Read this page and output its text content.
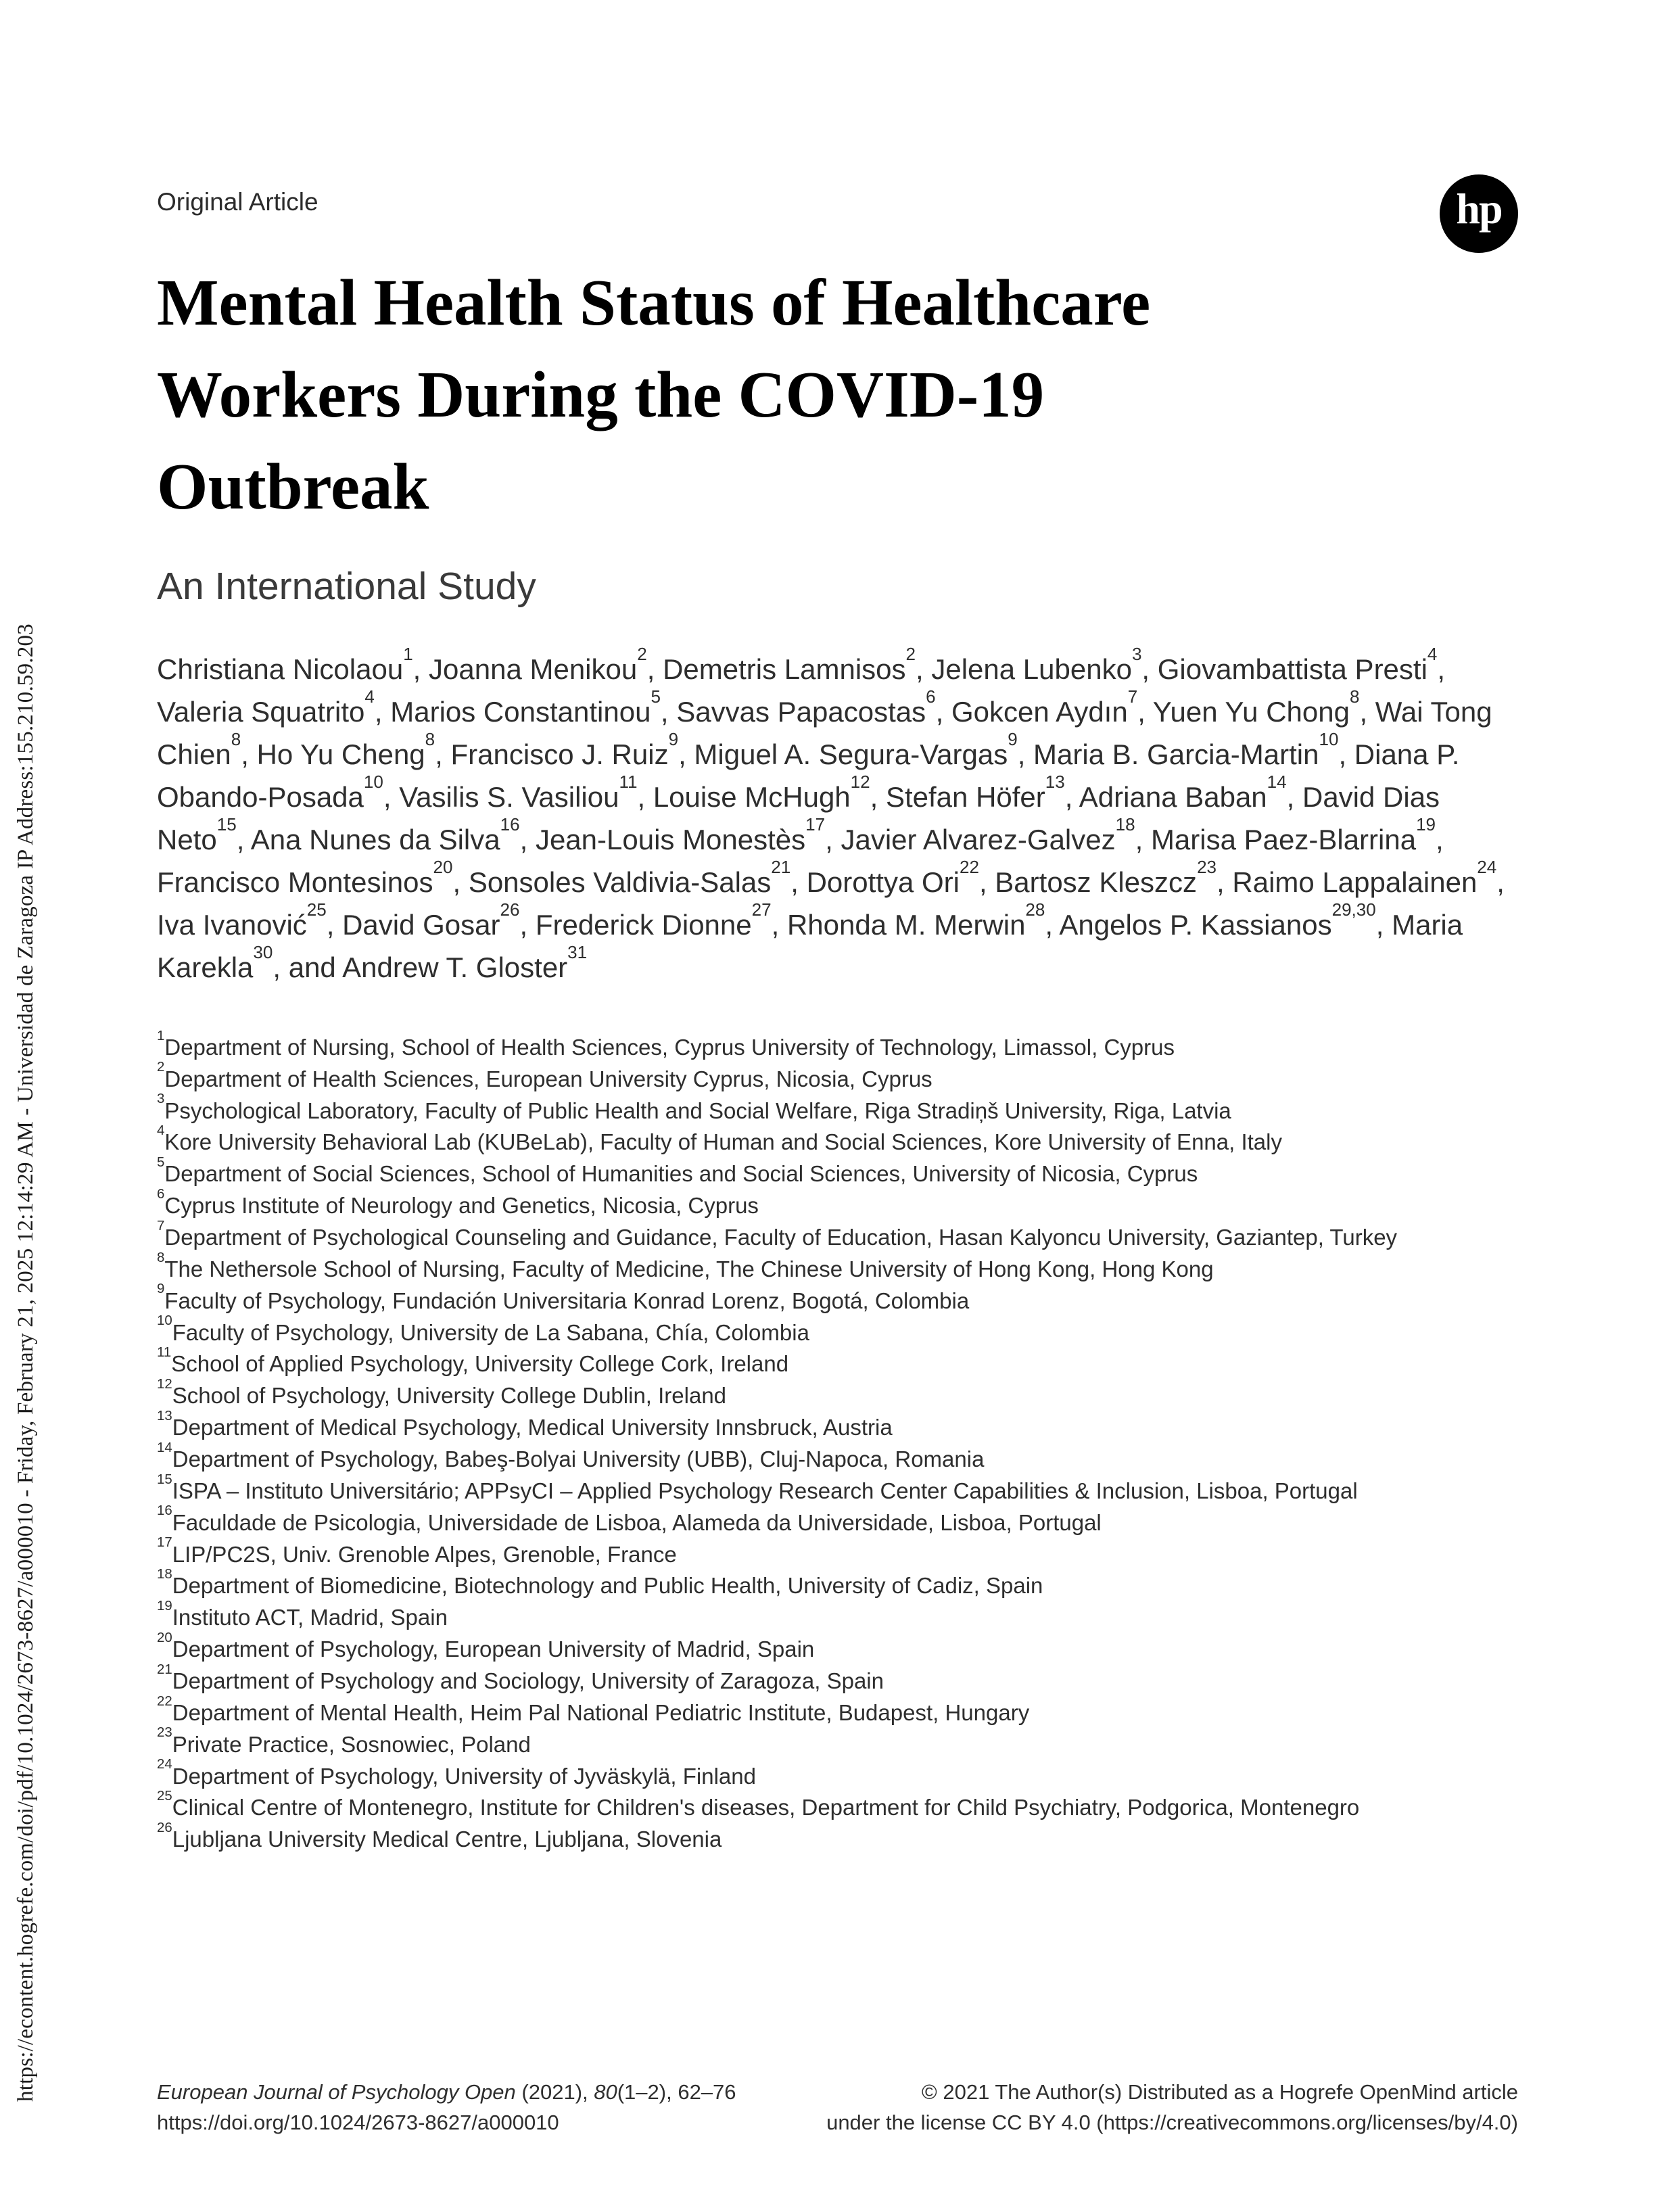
https://econtent.hogrefe.com/doi/pdf/10.1024/2673-8627/a000010 - Friday, February 21, 2025 12:14:29 AM - Universidad de Zaragoza IP Address:155.210.59.203
Original Article	hp
Mental Health Status of Healthcare
Workers During the COVID-19
Outbreak
An International Study

Christiana Nicolaou$^1$, Joanna Menikou$^2$, Demetris Lamnisos$^2$, Jelena Lubenko$^3$, Giovambattista Presti$^4$, Valeria Squatrito$^4$, Marios Constantinou$^5$, Savvas Papacostas$^6$, Gokcen Aydın$^7$, Yuen Yu Chong$^8$, Wai Tong Chien$^8$, Ho Yu Cheng$^8$, Francisco J. Ruiz$^9$, Miguel A. Segura-Vargas$^9$, Maria B. Garcia-Martin$^{10}$, Diana P. Obando-Posada$^{10}$, Vasilis S. Vasiliou$^{11}$, Louise McHugh$^{12}$, Stefan Höfer$^{13}$, Adriana Baban$^{14}$, David Dias Neto$^{15}$, Ana Nunes da Silva$^{16}$, Jean-Louis Monestès$^{17}$, Javier Alvarez-Galvez$^{18}$, Marisa Paez-Blarrina$^{19}$, Francisco Montesinos$^{20}$, Sonsoles Valdivia-Salas$^{21}$, Dorottya Ori$^{22}$, Bartosz Kleszcz$^{23}$, Raimo Lappalainen$^{24}$, Iva Ivanović$^{25}$, David Gosar$^{26}$, Frederick Dionne$^{27}$, Rhonda M. Merwin$^{28}$, Angelos P. Kassianos$^{29,30}$, Maria Karekla$^{30}$, and Andrew T. Gloster$^{31}$

$^1$Department of Nursing, School of Health Sciences, Cyprus University of Technology, Limassol, Cyprus
$^2$Department of Health Sciences, European University Cyprus, Nicosia, Cyprus
$^3$Psychological Laboratory, Faculty of Public Health and Social Welfare, Riga Stradiņš University, Riga, Latvia
$^4$Kore University Behavioral Lab (KUBeLab), Faculty of Human and Social Sciences, Kore University of Enna, Italy
$^5$Department of Social Sciences, School of Humanities and Social Sciences, University of Nicosia, Cyprus
$^6$Cyprus Institute of Neurology and Genetics, Nicosia, Cyprus
$^7$Department of Psychological Counseling and Guidance, Faculty of Education, Hasan Kalyoncu University, Gaziantep, Turkey
$^8$The Nethersole School of Nursing, Faculty of Medicine, The Chinese University of Hong Kong, Hong Kong
$^9$Faculty of Psychology, Fundación Universitaria Konrad Lorenz, Bogotá, Colombia
$^{10}$Faculty of Psychology, University de La Sabana, Chía, Colombia
$^{11}$School of Applied Psychology, University College Cork, Ireland
$^{12}$School of Psychology, University College Dublin, Ireland
$^{13}$Department of Medical Psychology, Medical University Innsbruck, Austria
$^{14}$Department of Psychology, Babeş-Bolyai University (UBB), Cluj-Napoca, Romania
$^{15}$ISPA – Instituto Universitário; APPsyCI – Applied Psychology Research Center Capabilities & Inclusion, Lisboa, Portugal
$^{16}$Faculdade de Psicologia, Universidade de Lisboa, Alameda da Universidade, Lisboa, Portugal
$^{17}$LIP/PC2S, Univ. Grenoble Alpes, Grenoble, France
$^{18}$Department of Biomedicine, Biotechnology and Public Health, University of Cadiz, Spain
$^{19}$Instituto ACT, Madrid, Spain
$^{20}$Department of Psychology, European University of Madrid, Spain
$^{21}$Department of Psychology and Sociology, University of Zaragoza, Spain
$^{22}$Department of Mental Health, Heim Pal National Pediatric Institute, Budapest, Hungary
$^{23}$Private Practice, Sosnowiec, Poland
$^{24}$Department of Psychology, University of Jyväskylä, Finland
$^{25}$Clinical Centre of Montenegro, Institute for Children's diseases, Department for Child Psychiatry, Podgorica, Montenegro
$^{26}$Ljubljana University Medical Centre, Ljubljana, Slovenia
European Journal of Psychology Open (2021), 80(1–2), 62–76
https://doi.org/10.1024/2673-8627/a000010
© 2021 The Author(s) Distributed as a Hogrefe OpenMind article
under the license CC BY 4.0 (https://creativecommons.org/licenses/by/4.0)
